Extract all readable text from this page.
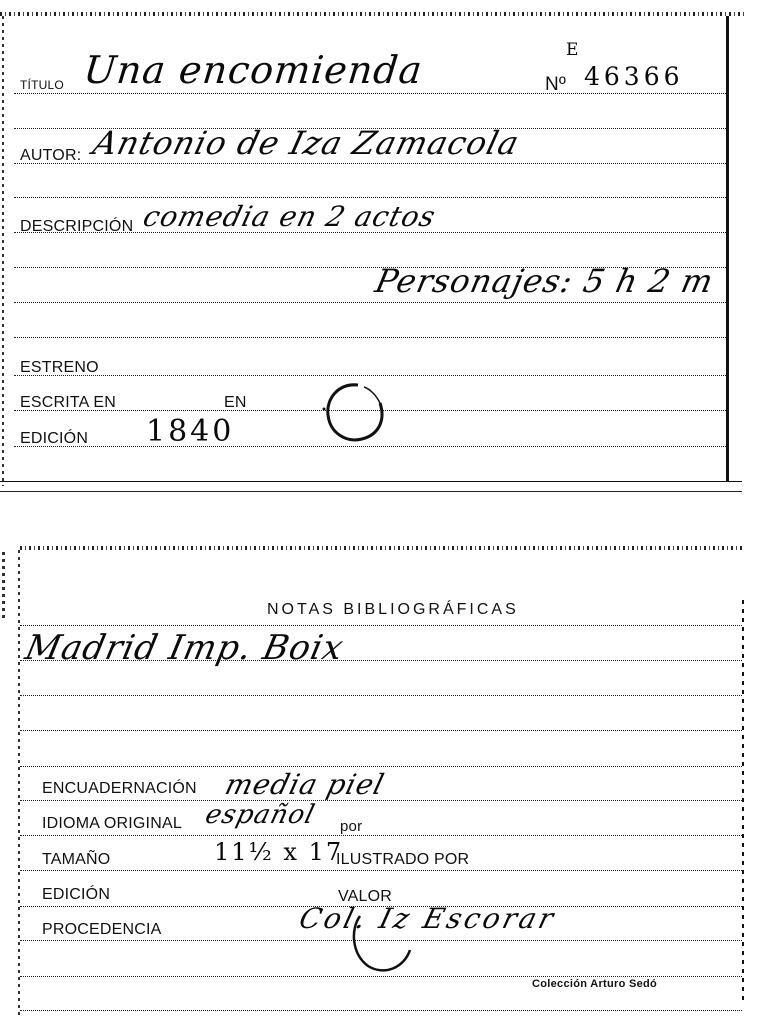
TÍTULO Una encomienda	Nº
E
46366
AUTOR: Antonio de Iza Zamacola
DESCRIPCIÓN comedia en 2 actos
Personajes: 5 h 2 m
ESTRENO
ESCRITA EN	EN
EDICIÓN 1840
NOTAS BIBLIOGRÁFICAS
Madrid Imp. Boix
ENCUADERNACIÓN media piel
IDIOMA ORIGINAL español por
TAMAÑO	11½ x 17
ILUSTRADO POR
EDICIÓN	VALOR
PROCEDENCIA	Col. Iz Escorar
Colección Arturo Sedó
